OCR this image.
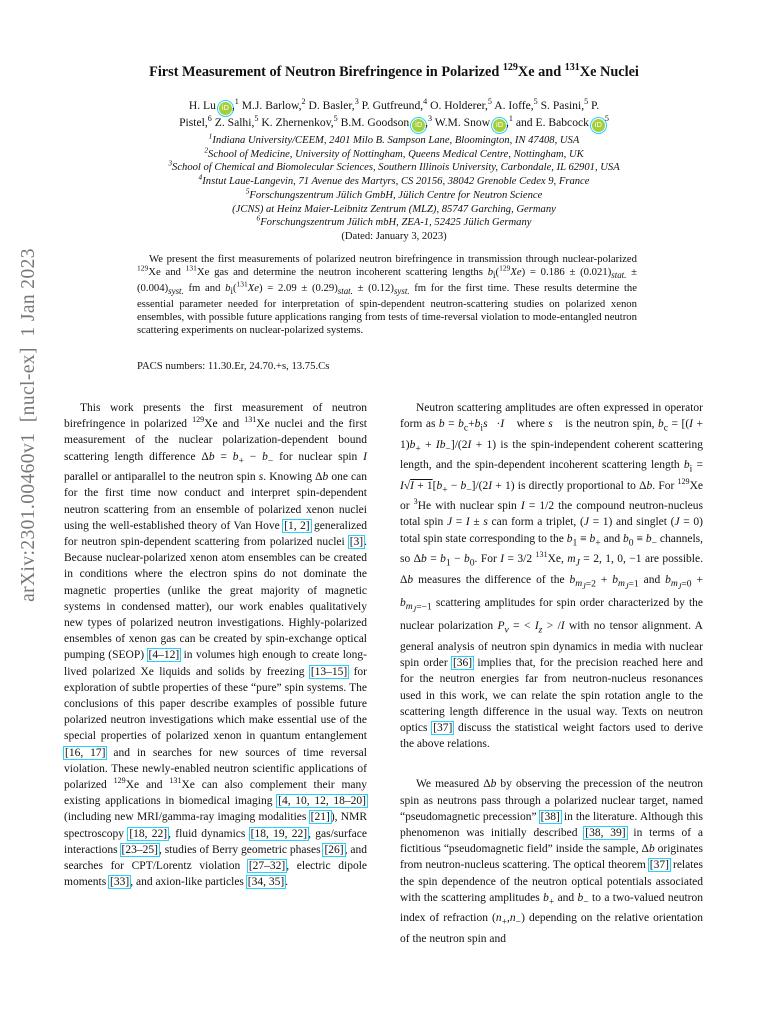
arXiv:2301.00460v1  [nucl-ex]  1 Jan 2023
First Measurement of Neutron Birefringence in Polarized $^{129}$Xe and $^{131}$Xe Nuclei
H. Lu iD ,$^1$ M.J. Barlow,$^2$ D. Basler,$^3$ P. Gutfreund,$^4$ O. Holderer,$^5$ A. Ioffe,$^5$ S. Pasini,$^5$ P.
Pistel,$^6$ Z. Salhi,$^5$ K. Zhernenkov,$^5$ B.M. Goodson iD ,$^3$ W.M. Snow iD ,$^1$ and E. Babcock $iD^5$
$^1$Indiana University/CEEM, 2401 Milo B. Sampson Lane, Bloomington, IN 47408, USA
$^2$School of Medicine, University of Nottingham, Queens Medical Centre, Nottingham, UK
$^3$School of Chemical and Biomolecular Sciences, Southern Illinois University, Carbondale, IL 62901, USA
$^4$Instut Laue-Langevin, 71 Avenue des Martyrs, CS 20156, 38042 Grenoble Cedex 9, France
$^5$Forschungszentrum Jülich GmbH, Jülich Centre for Neutron Science
(JCNS) at Heinz Maier-Leibnitz Zentrum (MLZ), 85747 Garching, Germany
$^6$Forschungszentrum Jülich mbH, ZEA-1, 52425 Jülich Germany
(Dated: January 3, 2023)
We present the first measurements of polarized neutron birefringence in transmission through nuclear-polarized $^{129}$Xe and $^{131}$Xe gas and determine the neutron incoherent scattering lengths $b_i(^{129}Xe) = 0.186 \pm (0.021)_{stat.} \pm (0.004)_{syst.}$ fm and $b_i(^{131}Xe) = 2.09 \pm (0.29)_{stat.} \pm (0.12)_{syst.}$ fm for the first time. These results determine the essential parameter needed for interpretation of spin-dependent neutron-scattering studies on polarized xenon ensembles, with possible future applications ranging from tests of time-reversal violation to mode-entangled neutron scattering experiments on nuclear-polarized systems.
PACS numbers: 11.30.Er, 24.70.+s, 13.75.Cs

This work presents the first measurement of neutron birefringence in polarized $^{129}$Xe and $^{131}$Xe nuclei and the first measurement of the nuclear polarization-dependent bound scattering length difference $\Delta b = b_+ - b_-$ for nuclear spin I parallel or antiparallel to the neutron spin s. Knowing Δb one can for the first time now conduct and interpret spin-dependent neutron scattering from an ensemble of polarized xenon nuclei using the well-established theory of Van Hove [1, 2] generalized for neutron spin-dependent scattering from polarized nuclei [3]. Because nuclear-polarized xenon atom ensembles can be created in conditions where the electron spins do not dominate the magnetic properties (unlike the great majority of magnetic systems in condensed matter), our work enables qualitatively new types of polarized neutron investigations. Highly-polarized ensembles of xenon gas can be created by spin-exchange optical pumping (SEOP) [4–12] in volumes high enough to create long-lived polarized Xe liquids and solids by freezing [13–15] for exploration of subtle properties of these “pure” spin systems. The conclusions of this paper describe examples of possible future polarized neutron investigations which make essential use of the special properties of polarized xenon in quantum entanglement [16, 17] and in searches for new sources of time reversal violation. These newly-enabled neutron scientific applications of polarized $^{129}$Xe and $^{131}$Xe can also complement their many existing applications in biomedical imaging [4, 10, 12, 18–20] (including new MRI/gamma-ray imaging modalities [21]), NMR spectroscopy [18, 22], fluid dynamics [18, 19, 22], gas/surface interactions [23–25], studies of Berry geometric phases [26], and searches for CPT/Lorentz violation [27–32], electric dipole moments [33], and axion-like particles [34, 35].

Neutron scattering amplitudes are often expressed in operator form as $b = b_c+b_is⃗\cdot I⃗$ where s⃗ is the neutron spin, $b_c = [(I + 1)b_+ + Ib_-]/(2I + 1)$ is the spin-independent coherent scattering length, and the spin-dependent incoherent scattering length $b_i = I√I + 1[b_+ - b_-]/(2I + 1)$ is directly proportional to Δb. For $^{129}$Xe or $^3$He with nuclear spin I = 1/2 the compound neutron-nucleus total spin J = I ± s can form a triplet, (J = 1) and singlet (J = 0) total spin state corresponding to the $b_1 \equiv b_+$ and $b_0 \equiv b_-$ channels, so $\Delta b = b_1 - b_0$. For I = 3/2 $^{131}$Xe, $m_J = 2$, 1, 0, −1 are possible. Δb measures the difference of the $b_{m_J=2} + b_{m_J=1}$ and $b_{m_J=0} + b_{m_J=-1}$ scattering amplitudes for spin order characterized by the nuclear polarization $P_v$ = < $I_z > /I$ with no tensor alignment. A general analysis of neutron spin dynamics in media with nuclear spin order [36] implies that, for the precision reached here and for the neutron energies far from neutron-nucleus resonances used in this work, we can relate the spin rotation angle to the scattering length difference in the usual way. Texts on neutron optics [37] discuss the statistical weight factors used to derive the above relations.

We measured Δb by observing the precession of the neutron spin as neutrons pass through a polarized nuclear target, named “pseudomagnetic precession” [38] in the literature. Although this phenomenon was initially described [38, 39] in terms of a fictitious “pseudomagnetic field” inside the sample, Δb originates from neutron-nucleus scattering. The optical theorem [37] relates the spin dependence of the neutron optical potentials associated with the scattering amplitudes $b_+$ and $b_-$ to a two-valued neutron index of refraction $(n_+,n_-)$ depending on the relative orientation of the neutron spin and
